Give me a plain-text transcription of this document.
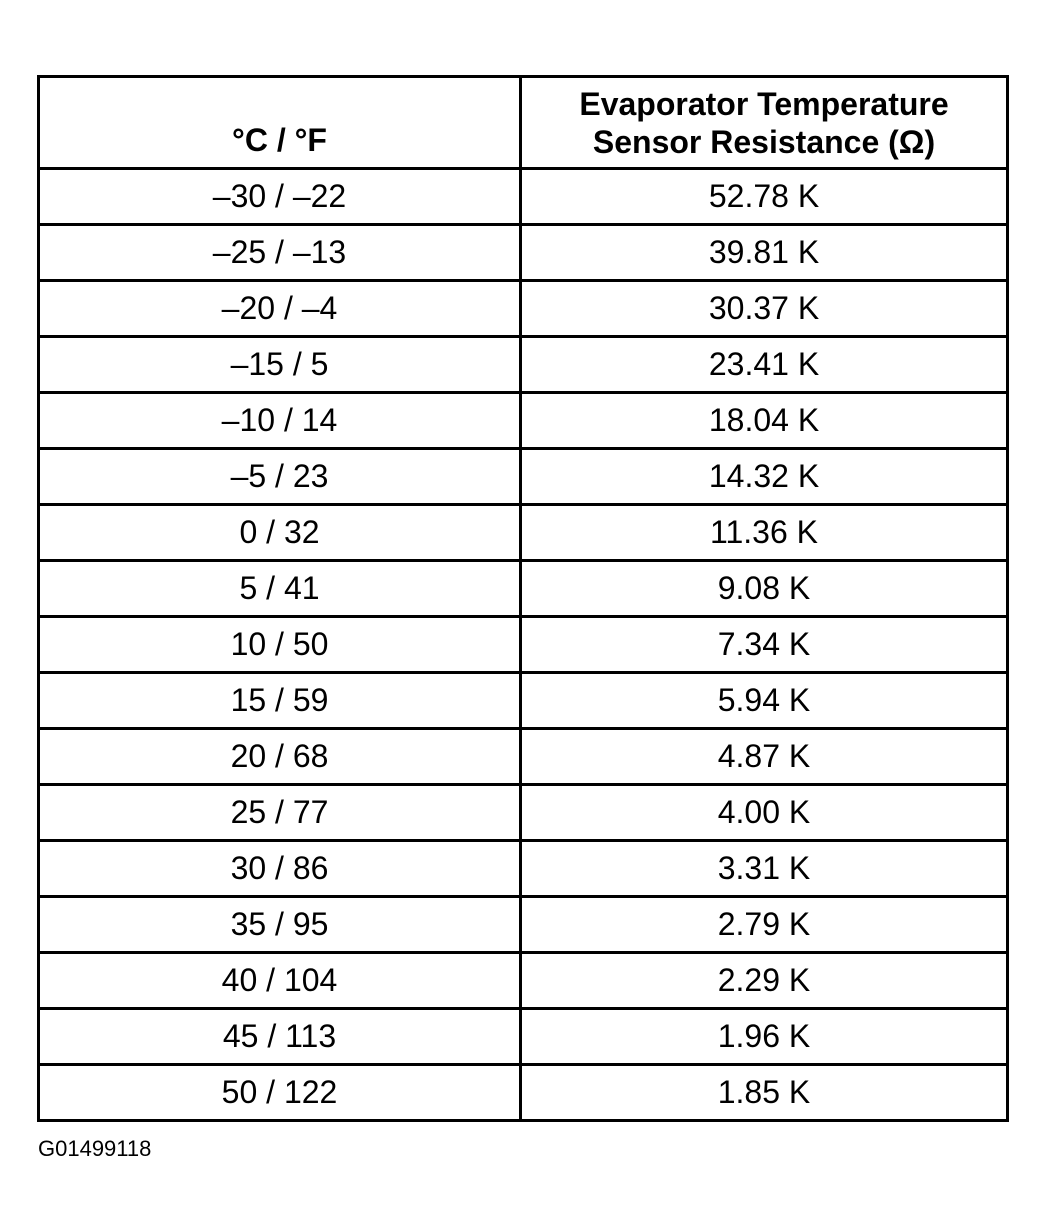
°C / °F	Evaporator Temperature
Sensor Resistance (Ω)

–30 / –22	52.78 K
–25 / –13	39.81 K
–20 / –4	30.37 K
–15 / 5	23.41 K
–10 / 14	18.04 K
–5 / 23	14.32 K
0 / 32	11.36 K
5 / 41	9.08 K
10 / 50	7.34 K
15 / 59	5.94 K
20 / 68	4.87 K
25 / 77	4.00 K
30 / 86	3.31 K
35 / 95	2.79 K
40 / 104	2.29 K
45 / 113	1.96 K
50 / 122	1.85 K
G01499118
